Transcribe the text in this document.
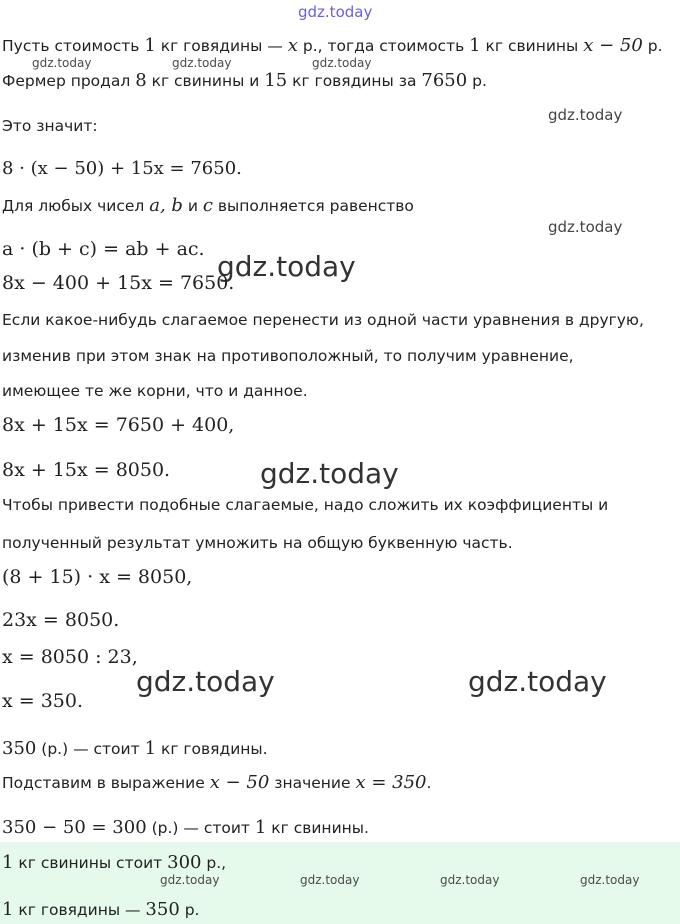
gdz.today
gdz.today	gdz.today	gdz.today
gdz.today
gdz.today
gdz.today
gdz.today
gdz.today	gdz.today
Пусть стоимость 1 кг говядины — x р., тогда стоимость 1 кг свинины x − 50 р.
Фермер продал 8 кг свинины и 15 кг говядины за 7650 р.
Это значит:
8 · (x − 50) + 15x = 7650.
Для любых чисел a, b и c выполняется равенство
a · (b + c) = ab + ac.
8x − 400 + 15x = 7650.
Если какое-нибудь слагаемое перенести из одной части уравнения в другую,
изменив при этом знак на противоположный, то получим уравнение,
имеющее те же корни, что и данное.
8x + 15x = 7650 + 400,
8x + 15x = 8050.
Чтобы привести подобные слагаемые, надо сложить их коэффициенты и
полученный результат умножить на общую буквенную часть.
(8 + 15) · x = 8050,
23x = 8050.
x = 8050 : 23,
x = 350.
350 (р.) — стоит 1 кг говядины.
Подставим в выражение x − 50 значение x = 350.
350 − 50 = 300 (р.) — стоит 1 кг свинины.
1 кг свинины стоит 300 р.,
gdz.today	gdz.today	gdz.today	gdz.today
1 кг говядины — 350 р.
